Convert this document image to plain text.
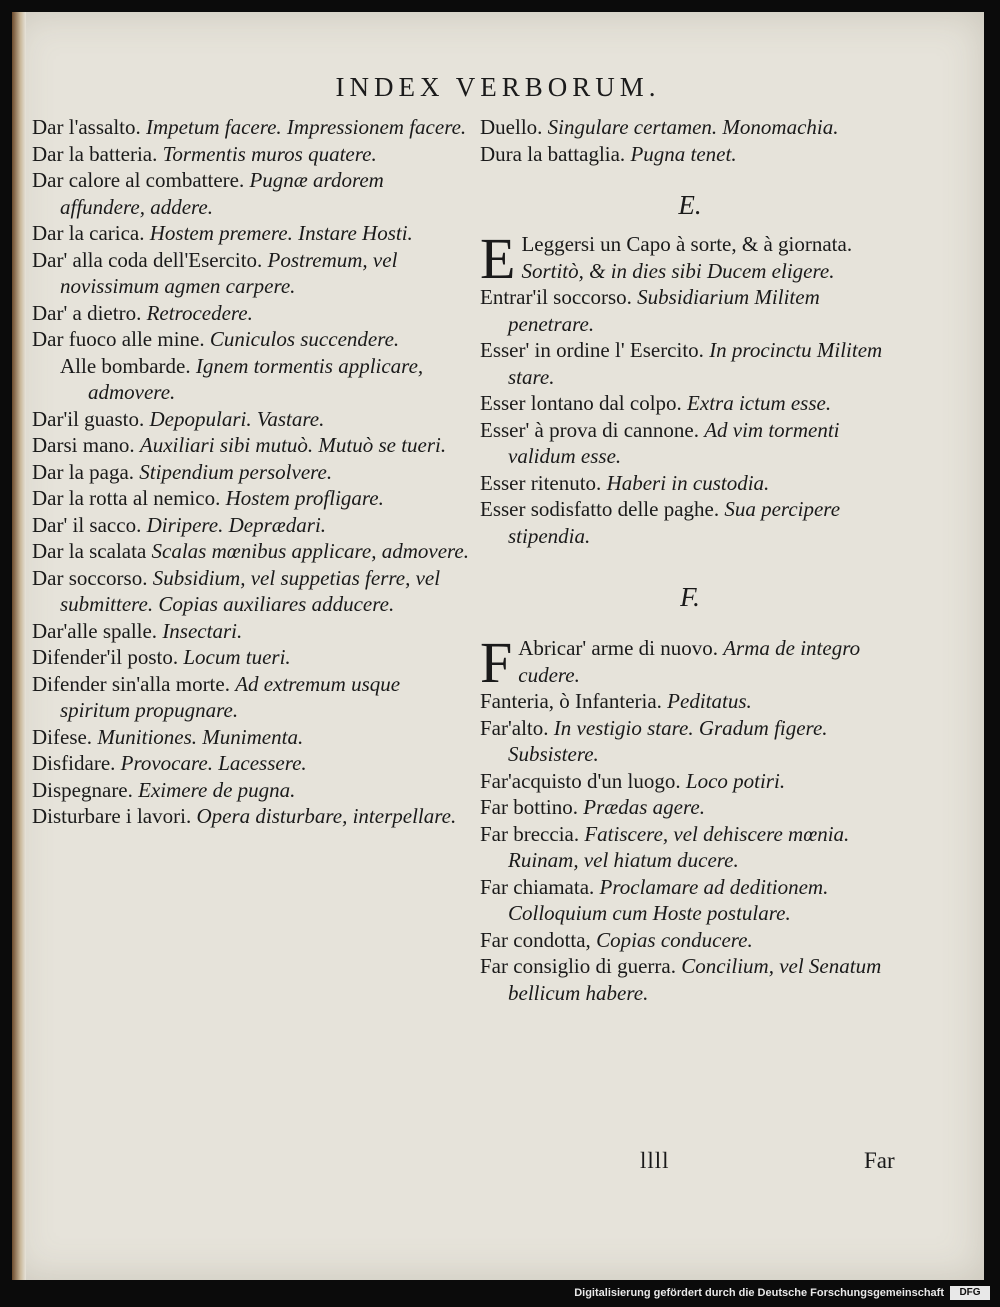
INDEX VERBORUM.

Dar l'assalto. Impetum facere. Impressionem facere.

Dar la batteria. Tormentis muros quatere.

Dar calore al combattere. Pugnæ ardorem affundere, addere.

Dar la carica. Hostem premere. Instare Hosti.

Dar' alla coda dell'Esercito. Postremum, vel novissimum agmen carpere.

Dar' a dietro. Retrocedere.

Dar fuoco alle mine. Cuniculos succendere.

Alle bombarde. Ignem tormentis applicare, admovere.

Dar'il guasto. Depopulari. Vastare.

Darsi mano. Auxiliari sibi mutuò. Mutuò se tueri.

Dar la paga. Stipendium persolvere.

Dar la rotta al nemico. Hostem profligare.

Dar' il sacco. Diripere. Deprædari.

Dar la scalata Scalas mœnibus applicare, admovere.

Dar soccorso. Subsidium, vel suppetias ferre, vel submittere. Copias auxiliares adducere.

Dar'alle spalle. Insectari.

Difender'il posto. Locum tueri.

Difender sin'alla morte. Ad extremum usque spiritum propugnare.

Difese. Munitiones. Munimenta.

Disfidare. Provocare. Lacessere.

Dispegnare. Eximere de pugna.

Disturbare i lavori. Opera disturbare, interpellare.

Duello. Singulare certamen. Monomachia.

Dura la battaglia. Pugna tenet.

E.

E Leggersi un Capo à sorte, & à giornata. Sortitò, & in dies sibi Ducem eligere.

Entrar'il soccorso. Subsidiarium Militem penetrare.

Esser' in ordine l' Esercito. In procinctu Militem stare.

Esser lontano dal colpo. Extra ictum esse.

Esser' à prova di cannone. Ad vim tormenti validum esse.

Esser ritenuto. Haberi in custodia.

Esser sodisfatto delle paghe. Sua percipere stipendia.

F.

F Abricar' arme di nuovo. Arma de integro cudere.

Fanteria, ò Infanteria. Peditatus.

Far'alto. In vestigio stare. Gradum figere. Subsistere.

Far'acquisto d'un luogo. Loco potiri.

Far bottino. Prædas agere.

Far breccia. Fatiscere, vel dehiscere mœnia. Ruinam, vel hiatum ducere.

Far chiamata. Proclamare ad deditionem. Colloquium cum Hoste postulare.

Far condotta, Copias conducere.

Far consiglio di guerra. Concilium, vel Senatum bellicum habere.

llll	Far
Digitalisierung gefördert durch die Deutsche Forschungsgemeinschaft	DFG
